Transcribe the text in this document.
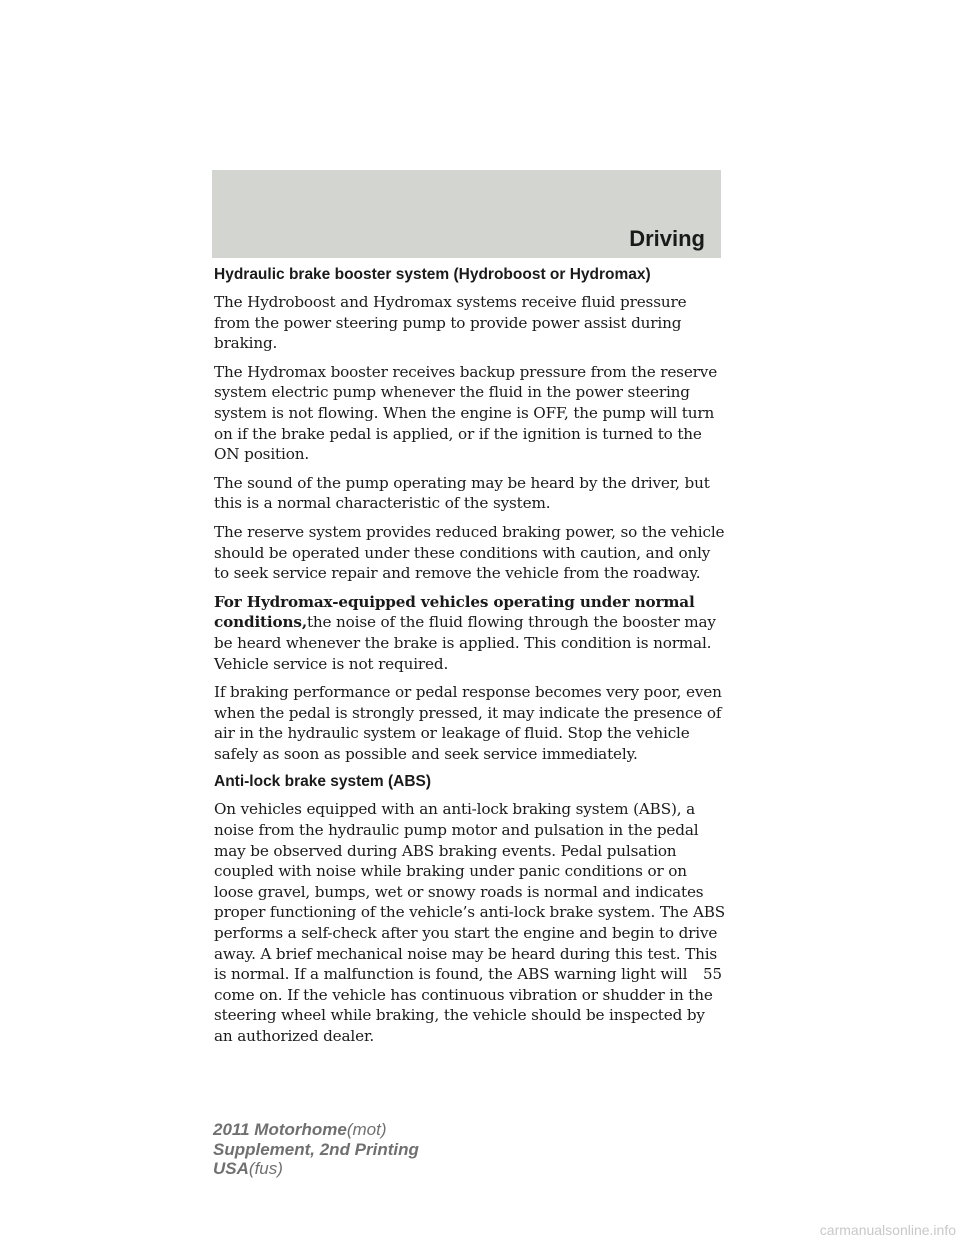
Driving
Hydraulic brake booster system (Hydroboost or Hydromax)

The Hydroboost and Hydromax systems receive fluid pressure from the power steering pump to provide power assist during braking.

The Hydromax booster receives backup pressure from the reserve system electric pump whenever the fluid in the power steering system is not flowing. When the engine is OFF, the pump will turn on if the brake pedal is applied, or if the ignition is turned to the ON position.

The sound of the pump operating may be heard by the driver, but this is a normal characteristic of the system.

The reserve system provides reduced braking power, so the vehicle should be operated under these conditions with caution, and only to seek service repair and remove the vehicle from the roadway.

For Hydromax-equipped vehicles operating under normal conditions,the noise of the fluid flowing through the booster may be heard whenever the brake is applied. This condition is normal. Vehicle service is not required.

If braking performance or pedal response becomes very poor, even when the pedal is strongly pressed, it may indicate the presence of air in the hydraulic system or leakage of fluid. Stop the vehicle safely as soon as possible and seek service immediately.

Anti-lock brake system (ABS)

On vehicles equipped with an anti-lock braking system (ABS), a noise from the hydraulic pump motor and pulsation in the pedal may be observed during ABS braking events. Pedal pulsation coupled with noise while braking under panic conditions or on loose gravel, bumps, wet or snowy roads is normal and indicates proper functioning of the vehicle’s anti-lock brake system. The ABS performs a self-check after you start the engine and begin to drive away. A brief mechanical noise may be heard during this test. This is normal. If a malfunction is found, the ABS warning light will come on. If the vehicle has continuous vibration or shudder in the steering wheel while braking, the vehicle should be inspected by an authorized dealer.

55

2011 Motorhome(mot)
Supplement, 2nd Printing
USA(fus)

carmanualsonline.info
